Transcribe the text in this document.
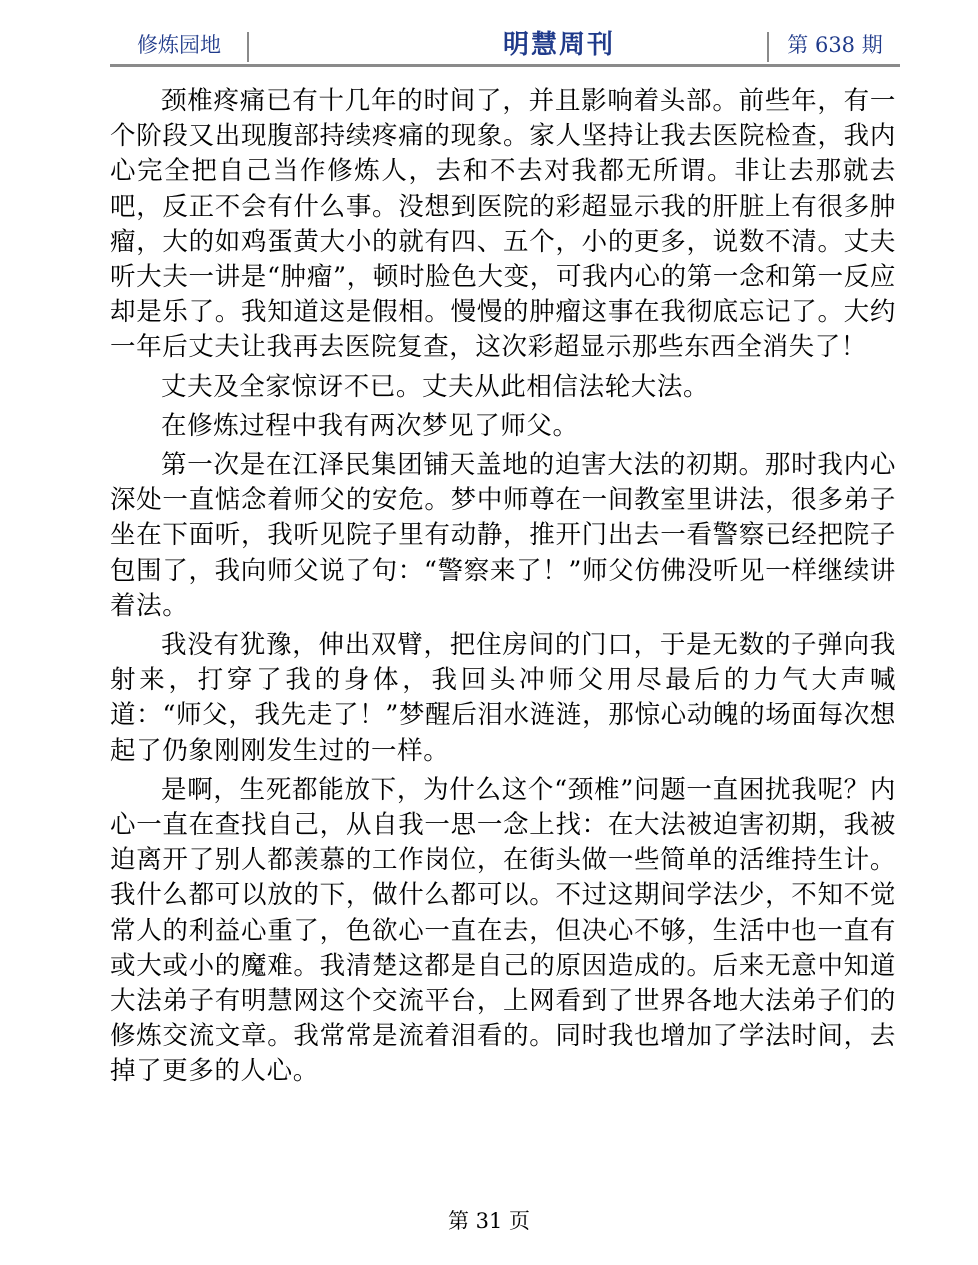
修炼园地	明慧周刊	第 638 期

颈椎疼痛已有十几年的时间了，并且影响着头部。前些年，有一个阶段又出现腹部持续疼痛的现象。家人坚持让我去医院检查，我内心完全把自己当作修炼人，去和不去对我都无所谓。非让去那就去吧，反正不会有什么事。没想到医院的彩超显示我的肝脏上有很多肿瘤，大的如鸡蛋黄大小的就有四、五个，小的更多，说数不清。丈夫听大夫一讲是“肿瘤”，顿时脸色大变，可我内心的第一念和第一反应却是乐了。我知道这是假相。慢慢的肿瘤这事在我彻底忘记了。大约一年后丈夫让我再去医院复查，这次彩超显示那些东西全消失了！

丈夫及全家惊讶不已。丈夫从此相信法轮大法。

在修炼过程中我有两次梦见了师父。

第一次是在江泽民集团铺天盖地的迫害大法的初期。那时我内心深处一直惦念着师父的安危。梦中师尊在一间教室里讲法，很多弟子坐在下面听，我听见院子里有动静，推开门出去一看警察已经把院子包围了，我向师父说了句：“警察来了！”师父仿佛没听见一样继续讲着法。

我没有犹豫，伸出双臂，把住房间的门口，于是无数的子弹向我射来，打穿了我的身体，我回头冲师父用尽最后的力气大声喊道：“师父，我先走了！”梦醒后泪水涟涟，那惊心动魄的场面每次想起了仍象刚刚发生过的一样。

是啊，生死都能放下，为什么这个“颈椎”问题一直困扰我呢？内心一直在查找自己，从自我一思一念上找：在大法被迫害初期，我被迫离开了别人都羡慕的工作岗位，在街头做一些简单的活维持生计。我什么都可以放的下，做什么都可以。不过这期间学法少，不知不觉常人的利益心重了，色欲心一直在去，但决心不够，生活中也一直有或大或小的魔难。我清楚这都是自己的原因造成的。后来无意中知道大法弟子有明慧网这个交流平台，上网看到了世界各地大法弟子们的修炼交流文章。我常常是流着泪看的。同时我也增加了学法时间，去掉了更多的人心。

第 31 页
